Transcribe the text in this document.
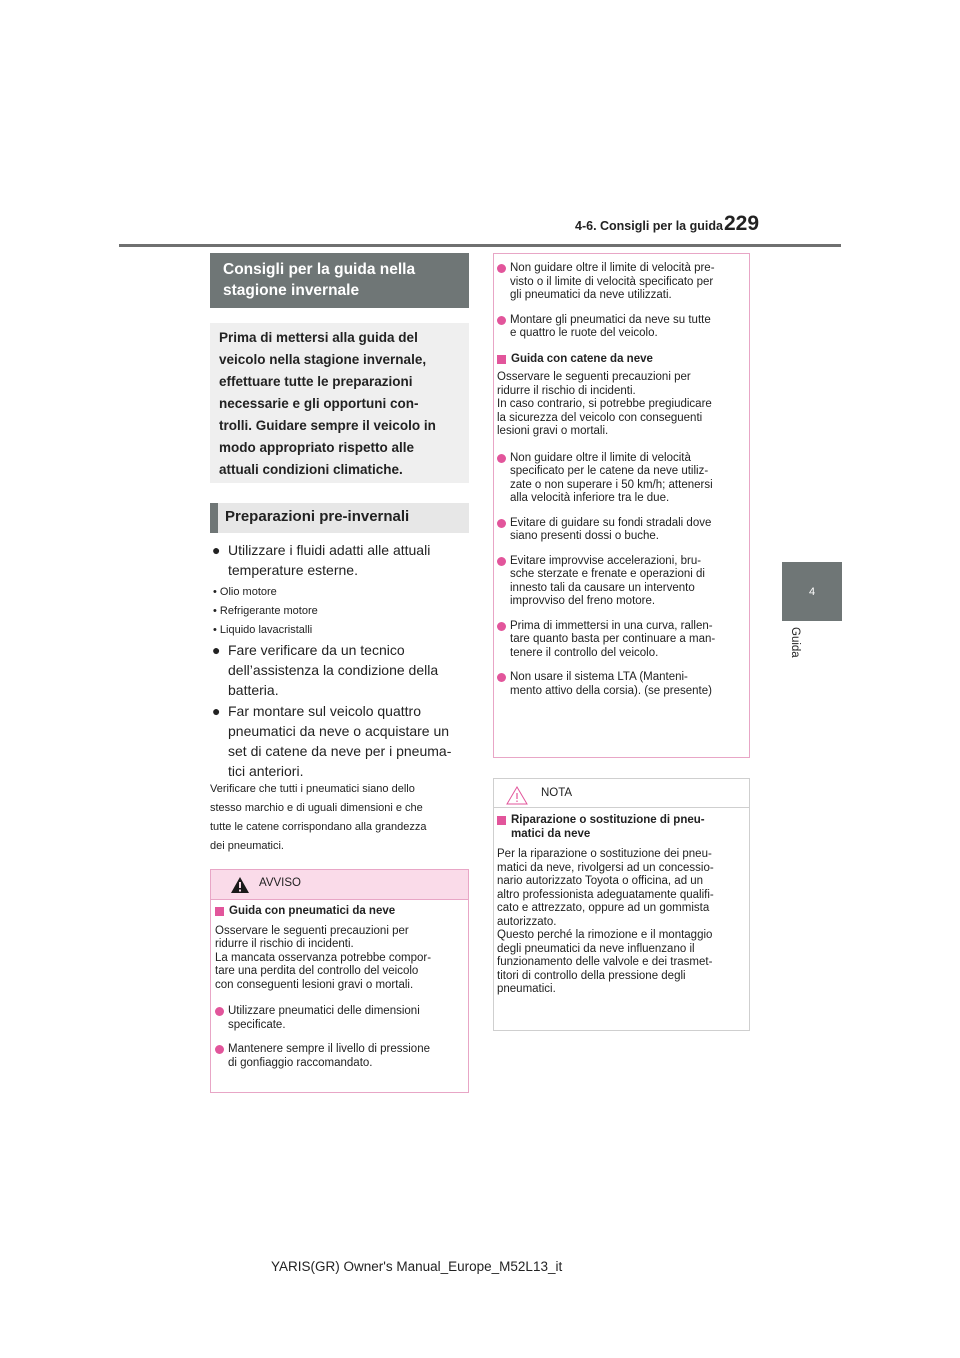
4-6. Consigli per la guida 229
4
Guida
Consigli per la guida nella
stagione invernale
Prima di mettersi alla guida del
veicolo nella stagione invernale,
effettuare tutte le preparazioni
necessarie e gli opportuni con-
trolli. Guidare sempre il veicolo in
modo appropriato rispetto alle
attuali condizioni climatiche.
Preparazioni pre-invernali
● Utilizzare i fluidi adatti alle attuali
temperature esterne.
• Olio motore
• Refrigerante motore
• Liquido lavacristalli
● Fare verificare da un tecnico
dell’assistenza la condizione della
batteria.
● Far montare sul veicolo quattro
pneumatici da neve o acquistare un
set di catene da neve per i pneuma-
tici anteriori.
Verificare che tutti i pneumatici siano dello
stesso marchio e di uguali dimensioni e che
tutte le catene corrispondano alla grandezza
dei pneumatici.
AVVISO
Guida con pneumatici da neve
Osservare le seguenti precauzioni per
ridurre il rischio di incidenti.
La mancata osservanza potrebbe compor-
tare una perdita del controllo del veicolo
con conseguenti lesioni gravi o mortali.
Utilizzare pneumatici delle dimensioni
specificate.
Mantenere sempre il livello di pressione
di gonfiaggio raccomandato.
Non guidare oltre il limite di velocità pre-
visto o il limite di velocità specificato per
gli pneumatici da neve utilizzati.
Montare gli pneumatici da neve su tutte
e quattro le ruote del veicolo.
Guida con catene da neve
Osservare le seguenti precauzioni per
ridurre il rischio di incidenti.
In caso contrario, si potrebbe pregiudicare
la sicurezza del veicolo con conseguenti
lesioni gravi o mortali.
Non guidare oltre il limite di velocità
specificato per le catene da neve utiliz-
zate o non superare i 50 km/h; attenersi
alla velocità inferiore tra le due.
Evitare di guidare su fondi stradali dove
siano presenti dossi o buche.
Evitare improvvise accelerazioni, bru-
sche sterzate e frenate e operazioni di
innesto tali da causare un intervento
improvviso del freno motore.
Prima di immettersi in una curva, rallen-
tare quanto basta per continuare a man-
tenere il controllo del veicolo.
Non usare il sistema LTA (Manteni-
mento attivo della corsia). (se presente)
NOTA
Riparazione o sostituzione di pneu-
matici da neve
Per la riparazione o sostituzione dei pneu-
matici da neve, rivolgersi ad un concessio-
nario autorizzato Toyota o officina, ad un
altro professionista adeguatamente qualifi-
cato e attrezzato, oppure ad un gommista
autorizzato.
Questo perché la rimozione e il montaggio
degli pneumatici da neve influenzano il
funzionamento delle valvole e dei trasmet-
titori di controllo della pressione degli
pneumatici.
YARIS(GR) Owner's Manual_Europe_M52L13_it
